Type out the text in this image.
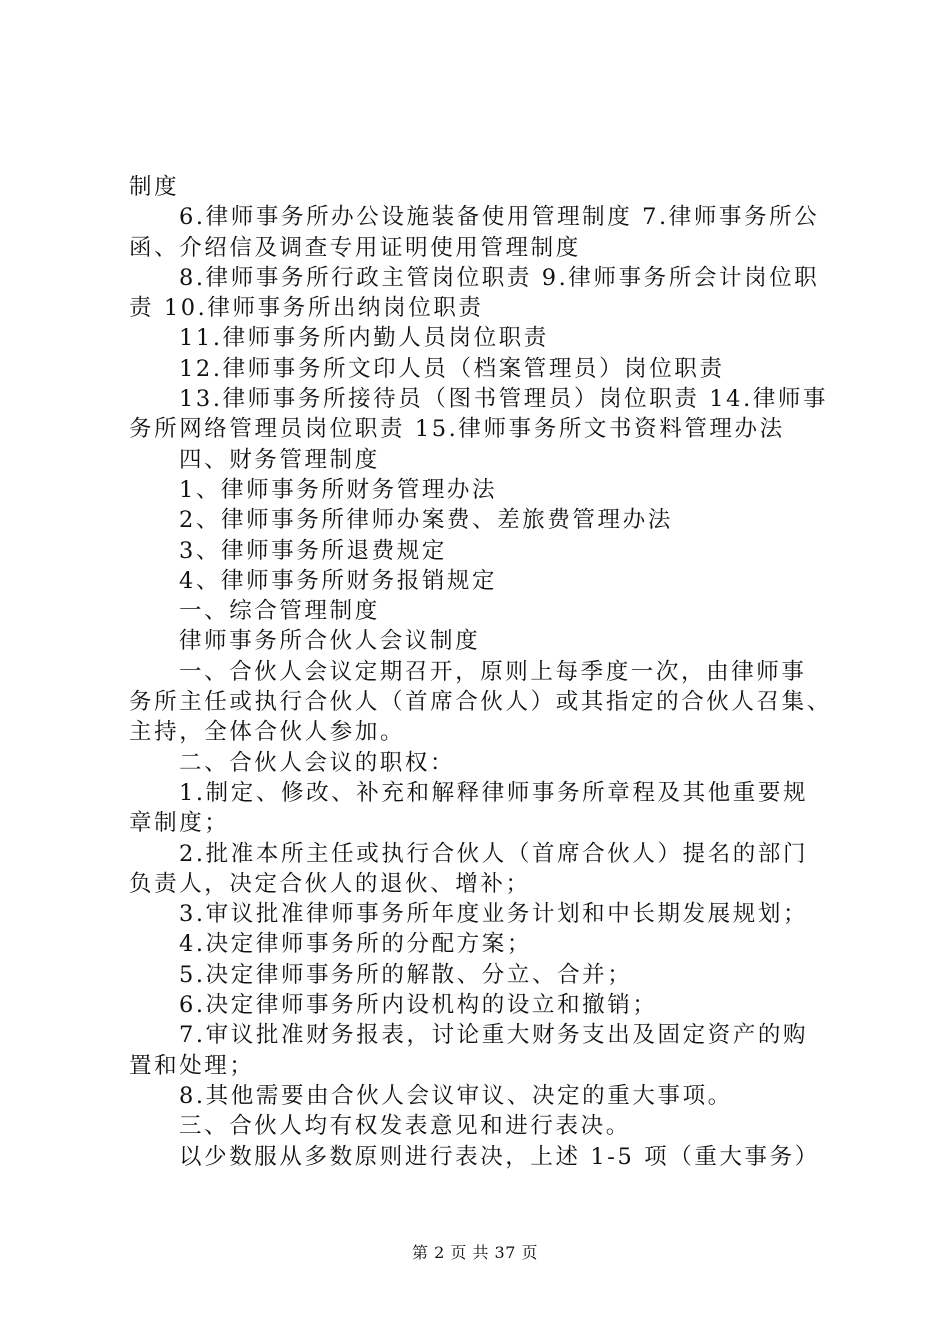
制度

6.律师事务所办公设施装备使用管理制度 7.律师事务所公

函、介绍信及调查专用证明使用管理制度

8.律师事务所行政主管岗位职责 9.律师事务所会计岗位职

责 10.律师事务所出纳岗位职责

11.律师事务所内勤人员岗位职责

12.律师事务所文印人员（档案管理员）岗位职责

13.律师事务所接待员（图书管理员）岗位职责 14.律师事

务所网络管理员岗位职责 15.律师事务所文书资料管理办法

四、财务管理制度

1、律师事务所财务管理办法

2、律师事务所律师办案费、差旅费管理办法

3、律师事务所退费规定

4、律师事务所财务报销规定

一、综合管理制度

律师事务所合伙人会议制度

一、合伙人会议定期召开，原则上每季度一次，由律师事

务所主任或执行合伙人（首席合伙人）或其指定的合伙人召集、

主持，全体合伙人参加。

二、合伙人会议的职权：

1.制定、修改、补充和解释律师事务所章程及其他重要规

章制度；

2.批准本所主任或执行合伙人（首席合伙人）提名的部门

负责人，决定合伙人的退伙、增补；

3.审议批准律师事务所年度业务计划和中长期发展规划；

4.决定律师事务所的分配方案；

5.决定律师事务所的解散、分立、合并；

6.决定律师事务所内设机构的设立和撤销；

7.审议批准财务报表，讨论重大财务支出及固定资产的购

置和处理；

8.其他需要由合伙人会议审议、决定的重大事项。

三、合伙人均有权发表意见和进行表决。

以少数服从多数原则进行表决，上述 1-5 项（重大事务）

第 2 页 共 37 页
